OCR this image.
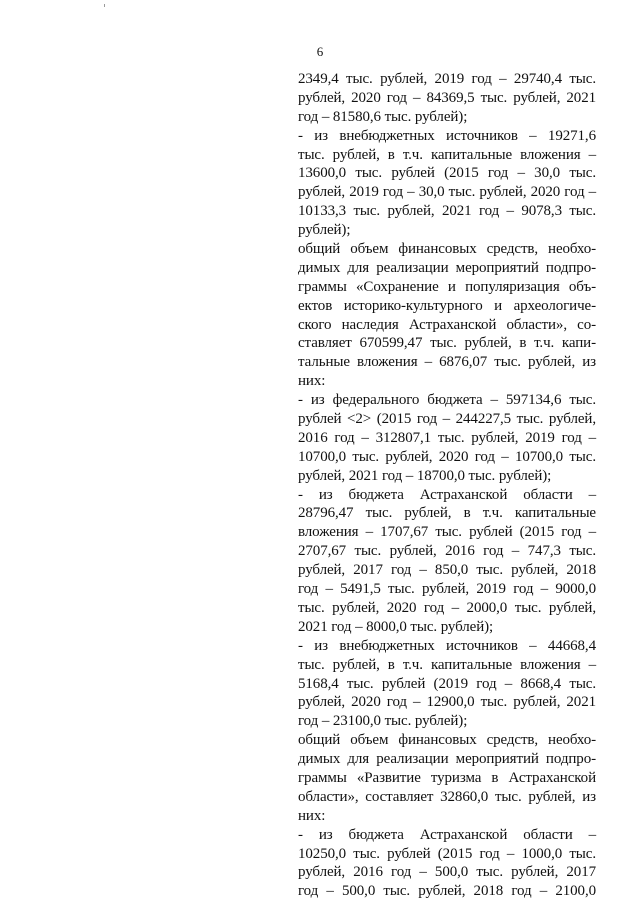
6
2349,4 тыс. рублей, 2019 год – 29740,4 тыс.
рублей, 2020 год – 84369,5 тыс. рублей, 2021
год – 81580,6 тыс. рублей);
- из внебюджетных источников – 19271,6
тыс. рублей, в т.ч. капитальные вложения –
13600,0 тыс. рублей (2015 год – 30,0 тыс.
рублей, 2019 год – 30,0 тыс. рублей, 2020 год –
10133,3 тыс. рублей, 2021 год – 9078,3 тыс.
рублей);
общий объем финансовых средств, необхо-
димых для реализации мероприятий подпро-
граммы «Сохранение и популяризация объ-
ектов историко-культурного и археологиче-
ского наследия Астраханской области», со-
ставляет 670599,47 тыс. рублей, в т.ч. капи-
тальные вложения – 6876,07 тыс. рублей, из
них:
- из федерального бюджета – 597134,6 тыс.
рублей <2> (2015 год – 244227,5 тыс. рублей,
2016 год – 312807,1 тыс. рублей, 2019 год –
10700,0 тыс. рублей, 2020 год – 10700,0 тыс.
рублей, 2021 год – 18700,0 тыс. рублей);
- из бюджета Астраханской области –
28796,47 тыс. рублей, в т.ч. капитальные
вложения – 1707,67 тыс. рублей (2015 год –
2707,67 тыс. рублей, 2016 год – 747,3 тыс.
рублей, 2017 год – 850,0 тыс. рублей, 2018
год – 5491,5 тыс. рублей, 2019 год – 9000,0
тыс. рублей, 2020 год – 2000,0 тыс. рублей,
2021 год – 8000,0 тыс. рублей);
- из внебюджетных источников – 44668,4
тыс. рублей, в т.ч. капитальные вложения –
5168,4 тыс. рублей (2019 год – 8668,4 тыс.
рублей, 2020 год – 12900,0 тыс. рублей, 2021
год – 23100,0 тыс. рублей);
общий объем финансовых средств, необхо-
димых для реализации мероприятий подпро-
граммы «Развитие туризма в Астраханской
области», составляет 32860,0 тыс. рублей, из
них:
- из бюджета Астраханской области –
10250,0 тыс. рублей (2015 год – 1000,0 тыс.
рублей, 2016 год – 500,0 тыс. рублей, 2017
год – 500,0 тыс. рублей, 2018 год – 2100,0
